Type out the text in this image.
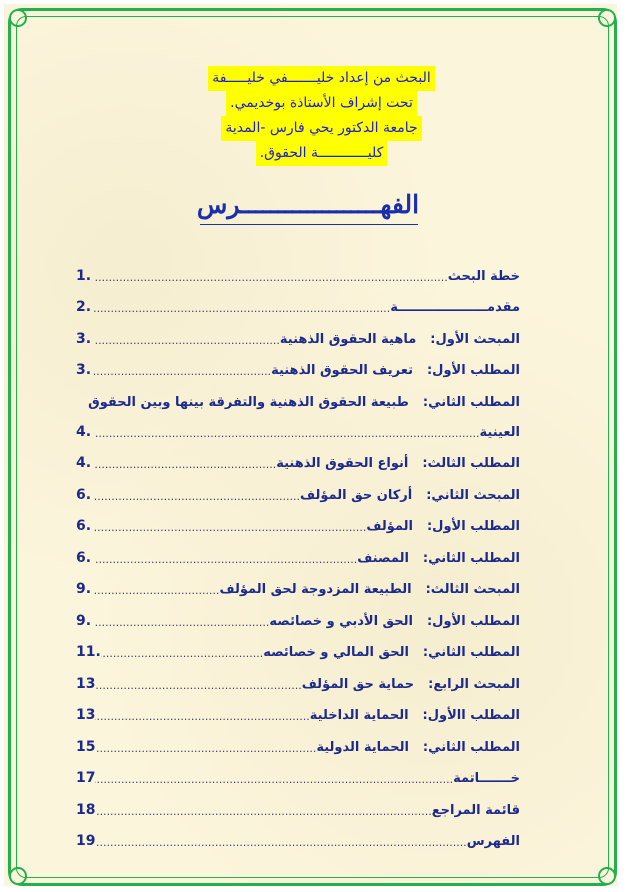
البحث من إعداد خليـــــــفي خليـــــفة
تحت إشراف الأستاذة بوخديمي.
جامعة الدكتور يحي فارس -المدية
كليــــــــــــة الحقوق.
الفهـــــــــــــــــــرس
خطة البحث
.....
1.
مقدمــــــــــــــــــــة
.....
2.
المبحث الأول:ماهية الحقوق الذهنية
.....
3.
المطلب الأول:تعريف الحقوق الذهنية
.....
3.
المطلب الثاني:طبيعة الحقوق الذهنية والتفرقة بينها وبين الحقوق
العينية
.....
4.
المطلب الثالث:أنواع الحقوق الذهنية
.....
4.
المبحث الثاني:أركان حق المؤلف
.....
6.
المطلب الأول:المؤلف
.....
6.
المطلب الثاني:المصنف
.....
6.
المبحث الثالث:الطبيعة المزدوجة لحق المؤلف
.....
9.
المطلب الأول:الحق الأدبي و خصائصه
.....
9.
المطلب الثاني:الحق المالي و خصائصه
.....
11.
المبحث الرابع:حماية حق المؤلف
.....
13
المطلب االأول:الحماية الداخلية
.....
13
المطلب الثاني:الحماية الدولية
.....
15
خـــــــاتمة
.....
17
قائمة المراجع
.....
18
الفهرس
.....
19
